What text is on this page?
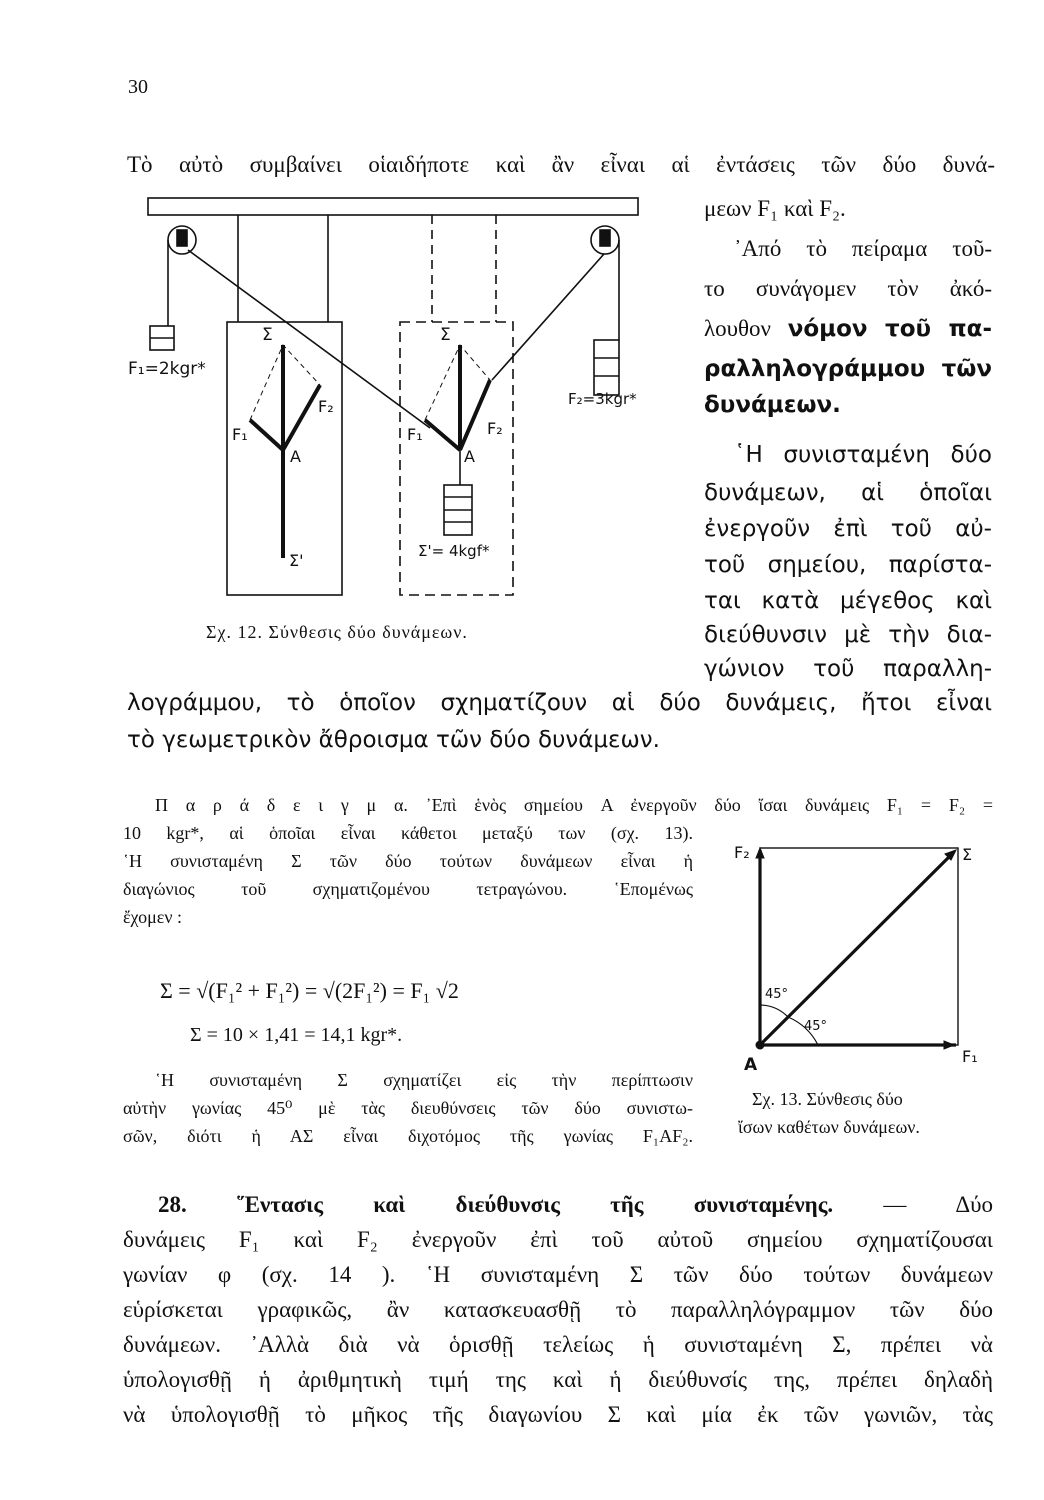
30
Τὸ αὐτὸ συμβαίνει οἱαιδήποτε καὶ ἂν εἶναι αἱ ἐντάσεις τῶν δύο δυνά-
μεων F₁ καὶ F₂.
᾿Από τὸ πείραμα τοῦ-
το συνάγομεν τὸν ἀκό-
λουθον νόμον τοῦ πα-
ραλληλογράμμου τῶν
δυνάμεων.
῾Η συνισταμένη δύο
δυνάμεων, αἱ ὁποῖαι
ἐνεργοῦν ἐπὶ τοῦ αὐ-
τοῦ σημείου, παρίστα-
ται κατὰ μέγεθος καὶ
διεύθυνσιν μὲ τὴν δια-
γώνιον τοῦ παραλλη-
λογράμμου, τὸ ὁποῖον σχηματίζουν αἱ δύο δυνάμεις, ἤτοι εἶναι
τὸ γεωμετρικὸν ἄθροισμα τῶν δύο δυνάμεων.
F₁=2kgr*
F₂=3kgr*
Σ	Σ
F₁
F₂
F₁	F₂
A	A
Σ'	Σ'= 4kgf*
Σχ. 12. Σύνθεσις δύο δυνάμεων.
Π α ρ ά δ ε ι γ μ α. ᾿Επὶ ἑνὸς σημείου A ἐνεργοῦν δύο ἴσαι δυνάμεις F₁ = F₂ =
10 kgr*, αἱ ὁποῖαι εἶναι κάθετοι μεταξύ των (σχ. 13).
῾Η συνισταμένη Σ τῶν δύο τούτων δυνάμεων εἶναι ἡ
διαγώνιος τοῦ σχηματιζομένου τετραγώνου. ῾Επομένως
ἔχομεν :
Σ = √(F₁² + F₁²) = √(2F₁²) = F₁ √2
Σ = 10 × 1,41 = 14,1 kgr*.
῾Η συνισταμένη Σ σχηματίζει εἰς τὴν περίπτωσιν
αὐτὴν γωνίας 45⁰ μὲ τὰς διευθύνσεις τῶν δύο συνιστω-
σῶν, διότι ἡ ΑΣ εἶναι διχοτόμος τῆς γωνίας F₁AF₂.
F₂	Σ
A	F₁
45°
45°
Σχ. 13. Σύνθεσις δύο
ἴσων καθέτων δυνάμεων.
28. ῞Εντασις καὶ διεύθυνσις τῆς συνισταμένης. — Δύο
δυνάμεις F₁ καὶ F₂ ἐνεργοῦν ἐπὶ τοῦ αὐτοῦ σημείου σχηματίζουσαι
γωνίαν φ (σχ. 14 ). ῾Η συνισταμένη Σ τῶν δύο τούτων δυνάμεων
εὑρίσκεται γραφικῶς, ἂν κατασκευασθῇ τὸ παραλληλόγραμμον τῶν δύο
δυνάμεων. ᾿Αλλὰ διὰ νὰ ὁρισθῇ τελείως ἡ συνισταμένη Σ, πρέπει νὰ
ὑπολογισθῇ ἡ ἀριθμητικὴ τιμή της καὶ ἡ διεύθυνσίς της, πρέπει δηλαδὴ
νὰ ὑπολογισθῇ τὸ μῆκος τῆς διαγωνίου Σ καὶ μία ἐκ τῶν γωνιῶν, τὰς
